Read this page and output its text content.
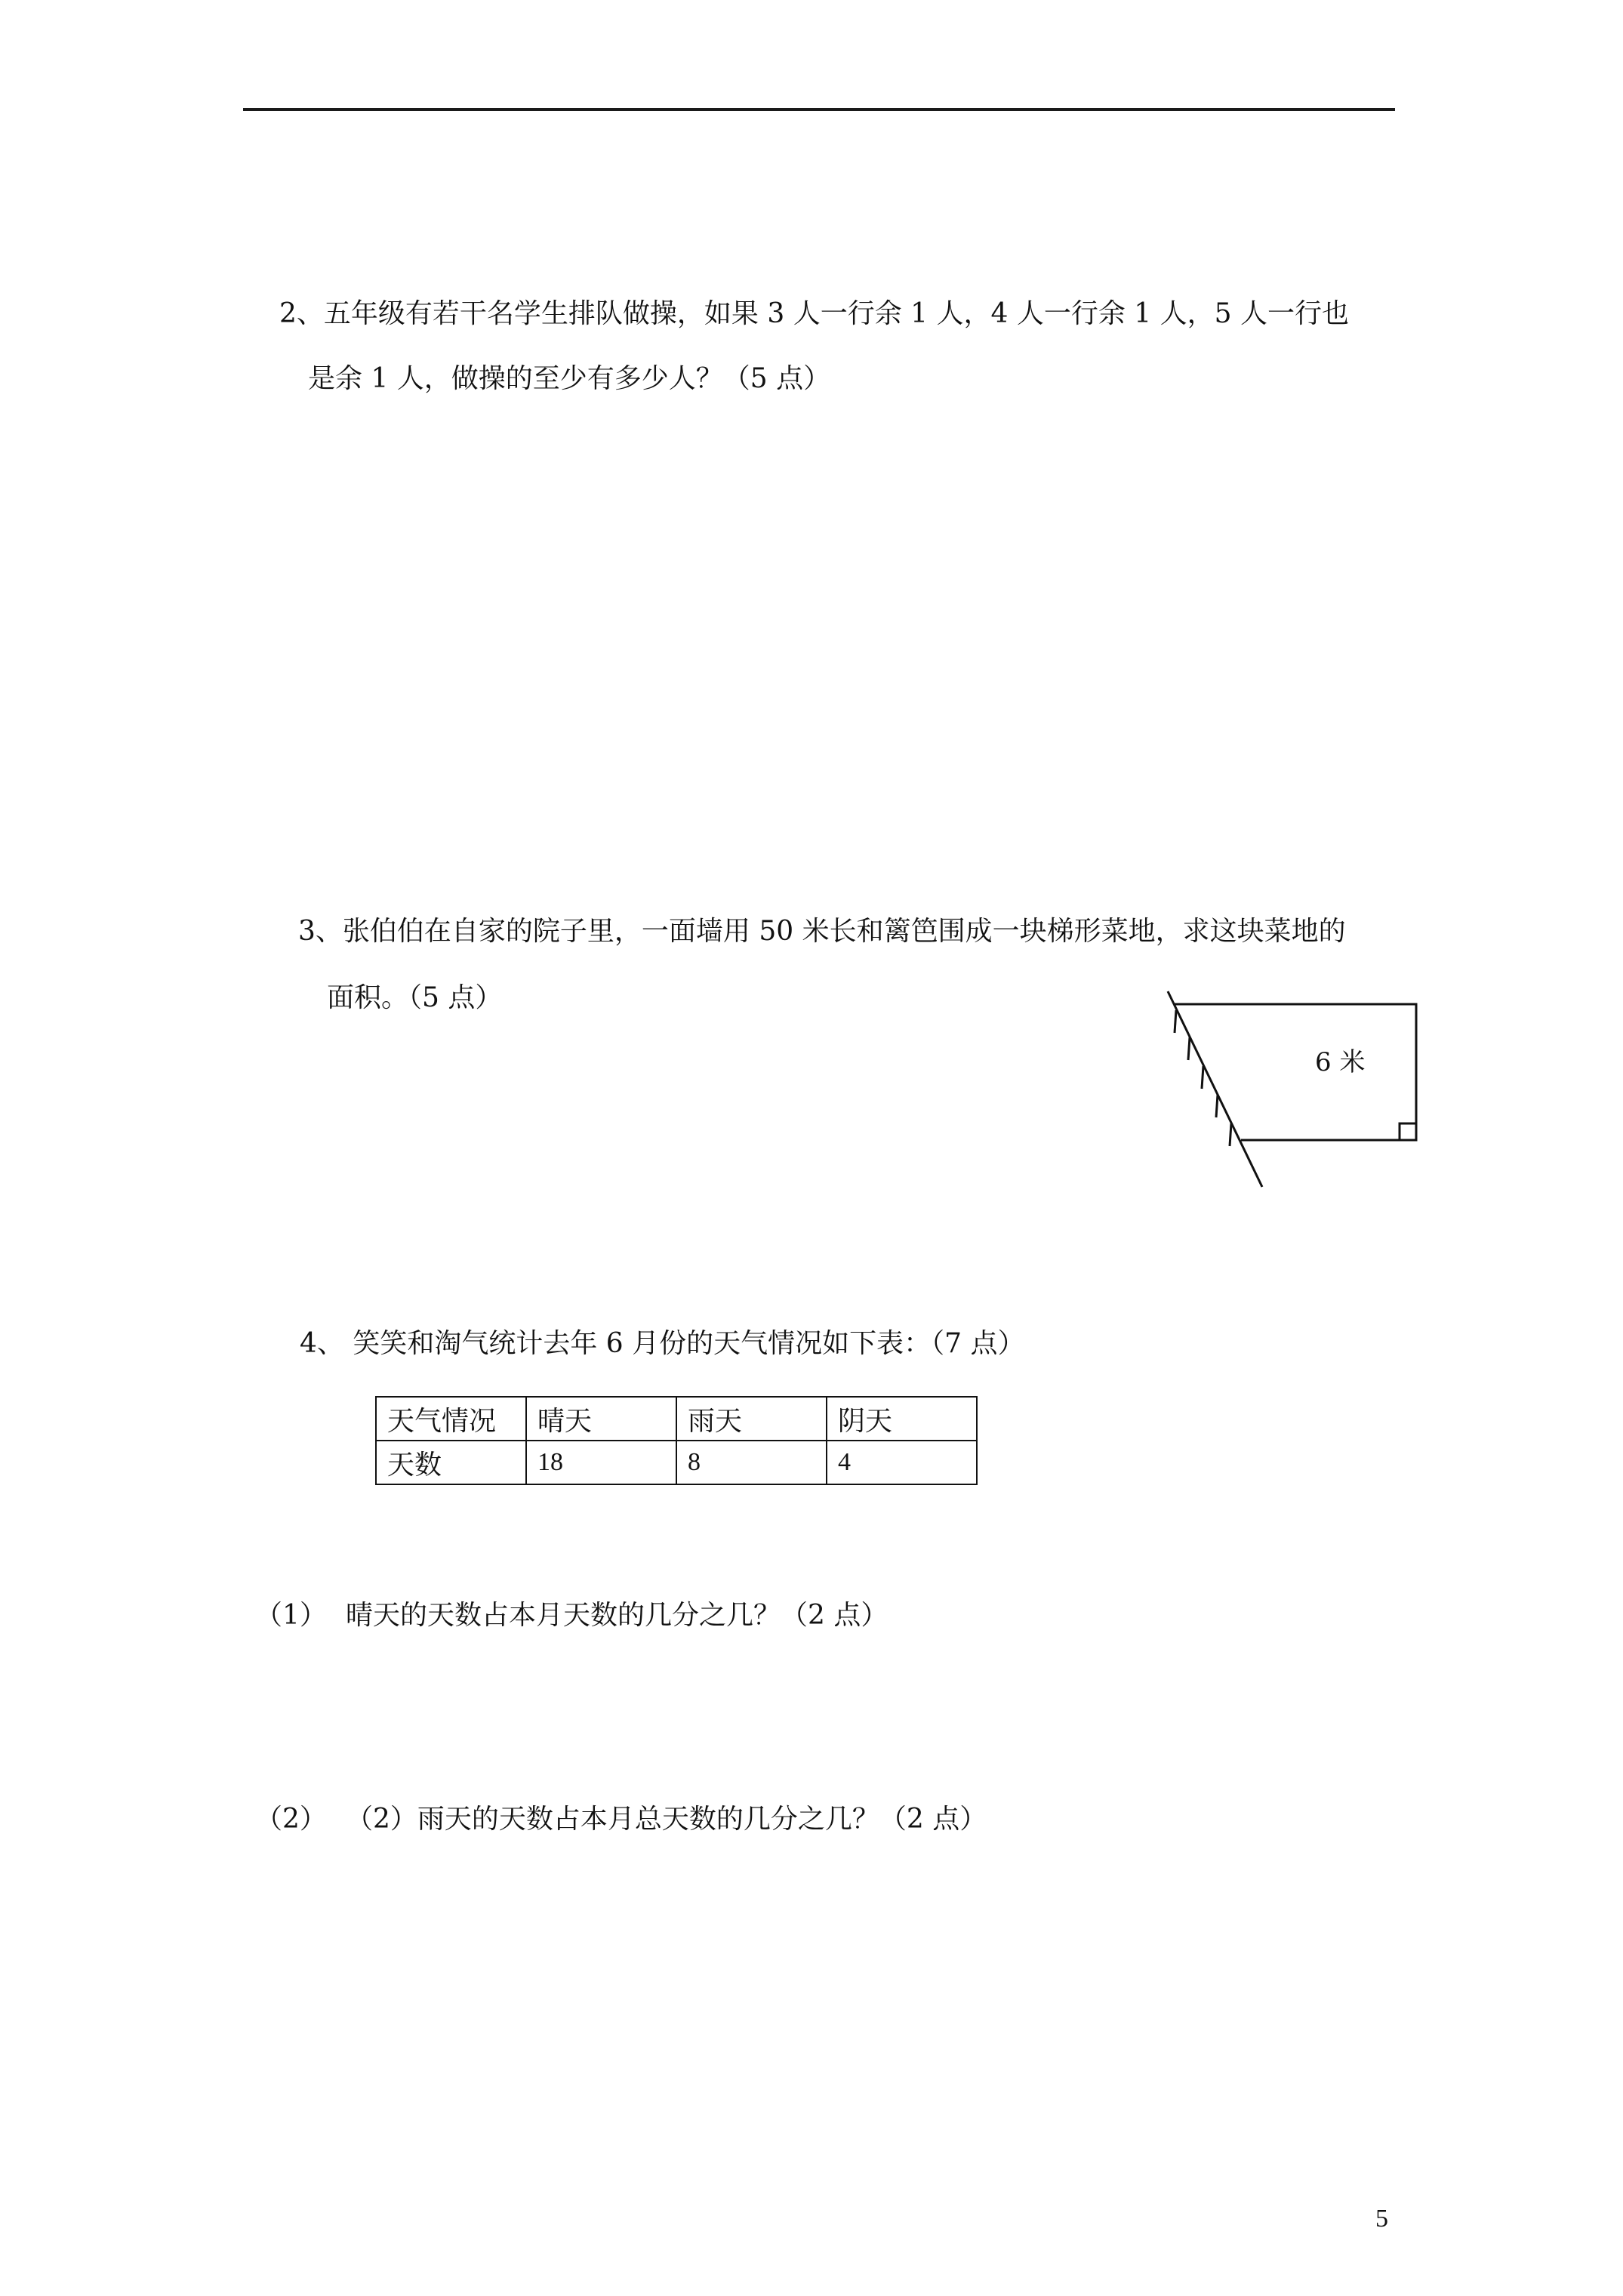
2、五年级有若干名学生排队做操，如果 3 人一行余 1 人，4 人一行余 1 人，5 人一行也
是余 1 人，做操的至少有多少人？（5 点）
3、张伯伯在自家的院子里，一面墙用 50 米长和篱笆围成一块梯形菜地，求这块菜地的
面积。（5 点）
6 米
4、 笑笑和淘气统计去年 6 月份的天气情况如下表：（7 点）
天气情况	晴天	雨天	阴天
天数	18	8	4
（1） 晴天的天数占本月天数的几分之几？（2 点）
（2） （2）雨天的天数占本月总天数的几分之几？（2 点）
5
